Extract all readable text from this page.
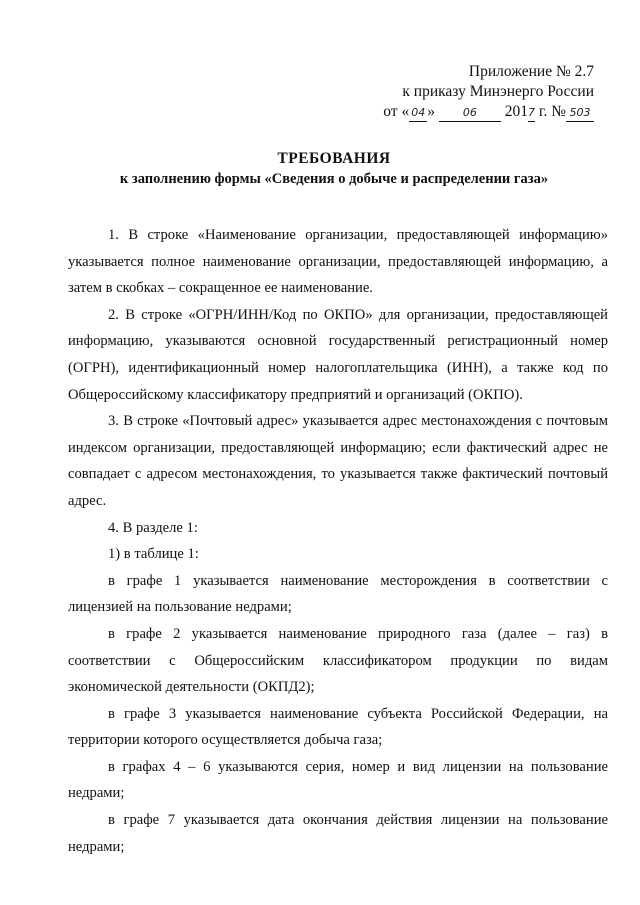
Приложение № 2.7
к приказу Минэнерго России
от « 04 »	06 2017 г. № 503
ТРЕБОВАНИЯ
к заполнению формы «Сведения о добыче и распределении газа»

1. В строке «Наименование организации, предоставляющей информацию» указывается полное наименование организации, предоставляющей информацию, а затем в скобках – сокращенное ее наименование.

2. В строке «ОГРН/ИНН/Код по ОКПО» для организации, предоставляющей информацию, указываются основной государственный регистрационный номер (ОГРН), идентификационный номер налогоплательщика (ИНН), а также код по Общероссийскому классификатору предприятий и организаций (ОКПО).

3. В строке «Почтовый адрес» указывается адрес местонахождения с почтовым индексом организации, предоставляющей информацию; если фактический адрес не совпадает с адресом местонахождения, то указывается также фактический почтовый адрес.

4. В разделе 1:

1) в таблице 1:

в графе 1 указывается наименование месторождения в соответствии с лицензией на пользование недрами;

в графе 2 указывается наименование природного газа (далее – газ) в соответствии с Общероссийским классификатором продукции по видам экономической деятельности (ОКПД2);

в графе 3 указывается наименование субъекта Российской Федерации, на территории которого осуществляется добыча газа;

в графах 4 – 6 указываются серия, номер и вид лицензии на пользование недрами;

в графе 7 указывается дата окончания действия лицензии на пользование недрами;
